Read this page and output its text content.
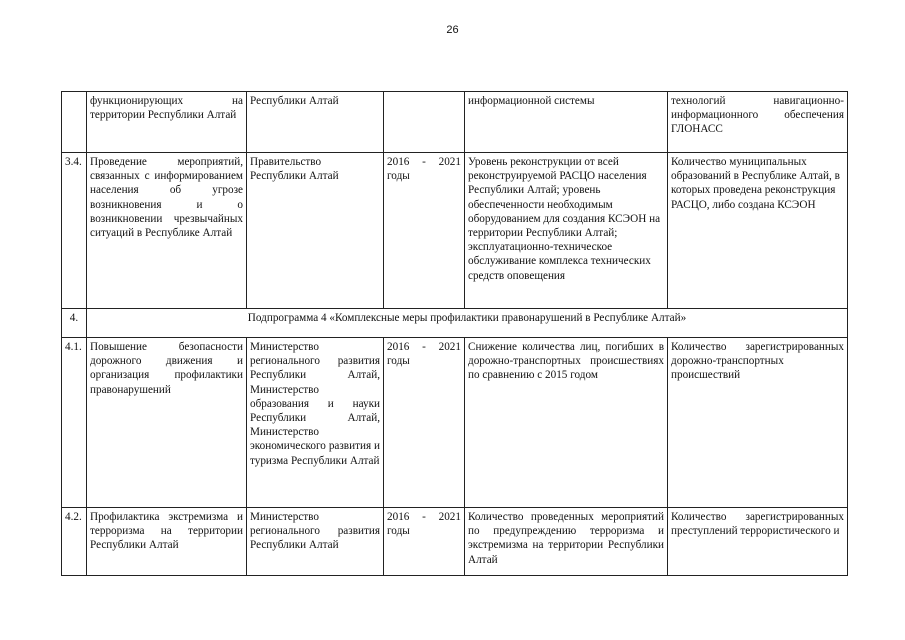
26
	функционирующих на территории Республики Алтай	Республики Алтай		информационной системы	технологий навигационно-информационного обеспечения ГЛОНАСС
3.4.	Проведение мероприятий, связанных с информированием населения об угрозе возникновения и о возникновении чрезвычайных ситуаций в Республике Алтай	Правительство Республики Алтай	2016 - 2021 годы	Уровень реконструкции от всей реконструируемой РАСЦО населения Республики Алтай; уровень обеспеченности необходимым оборудованием для создания КСЭОН на территории Республики Алтай; эксплуатационно-техническое обслуживание комплекса технических средств оповещения	Количество муниципальных образований в Республике Алтай, в которых проведена реконструкция РАСЦО, либо создана КСЭОН
4.	Подпрограмма 4 «Комплексные меры профилактики правонарушений в Республике Алтай»				
4.1.	Повышение безопасности дорожного движения и организация профилактики правонарушений	Министерство регионального развития Республики Алтай, Министерство образования и науки Республики Алтай, Министерство экономического развития и туризма Республики Алтай	2016 - 2021 годы	Снижение количества лиц, погибших в дорожно-транспортных происшествиях по сравнению с 2015 годом	Количество зарегистрированных дорожно-транспортных происшествий
4.2.	Профилактика экстремизма и терроризма на территории Республики Алтай	Министерство регионального развития Республики Алтай	2016 - 2021 годы	Количество проведенных мероприятий по предупреждению терроризма и экстремизма на территории Республики Алтай	Количество зарегистрированных преступлений террористического и
